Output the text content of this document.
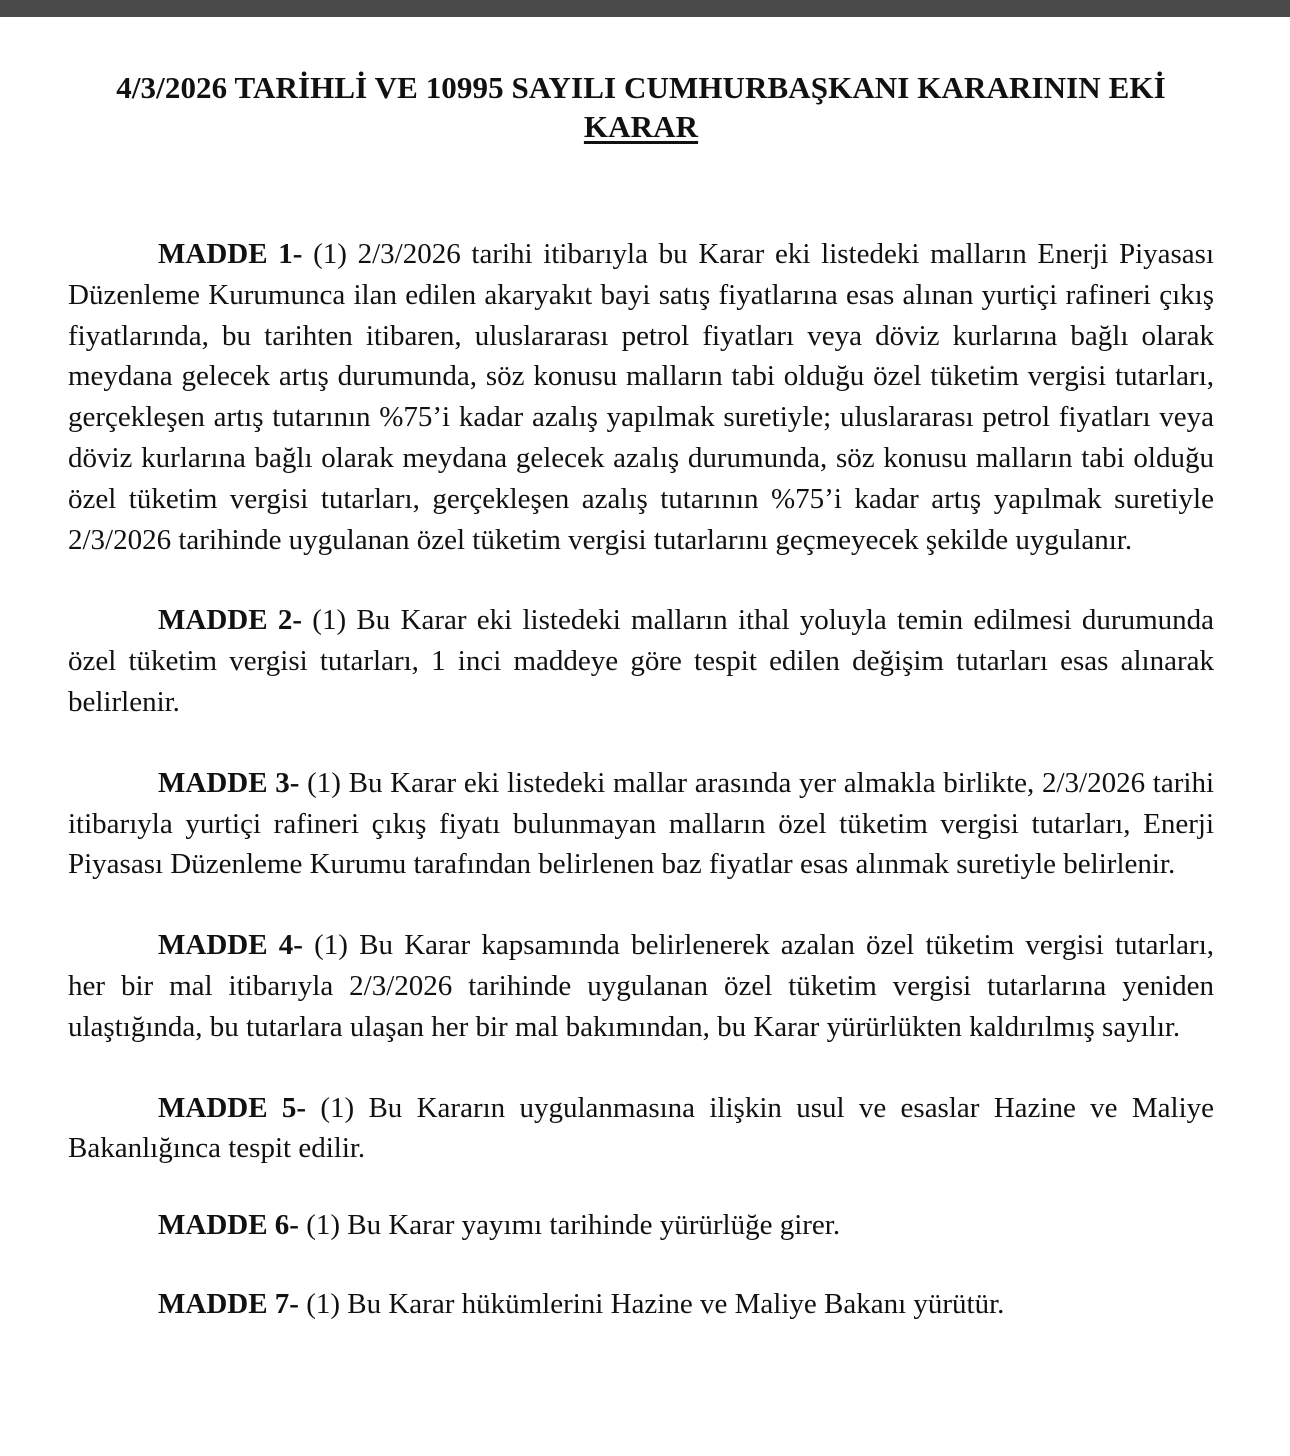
4/3/2026 TARİHLİ VE 10995 SAYILI CUMHURBAŞKANI KARARININ EKİ
KARAR

MADDE 1- (1) 2/3/2026 tarihi itibarıyla bu Karar eki listedeki malların Enerji Piyasası Düzenleme Kurumunca ilan edilen akaryakıt bayi satış fiyatlarına esas alınan yurtiçi rafineri çıkış fiyatlarında, bu tarihten itibaren, uluslararası petrol fiyatları veya döviz kurlarına bağlı olarak meydana gelecek artış durumunda, söz konusu malların tabi olduğu özel tüketim vergisi tutarları, gerçekleşen artış tutarının %75’i kadar azalış yapılmak suretiyle; uluslararası petrol fiyatları veya döviz kurlarına bağlı olarak meydana gelecek azalış durumunda, söz konusu malların tabi olduğu özel tüketim vergisi tutarları, gerçekleşen azalış tutarının %75’i kadar artış yapılmak suretiyle 2/3/2026 tarihinde uygulanan özel tüketim vergisi tutarlarını geçmeyecek şekilde uygulanır.

MADDE 2- (1) Bu Karar eki listedeki malların ithal yoluyla temin edilmesi durumunda özel tüketim vergisi tutarları, 1 inci maddeye göre tespit edilen değişim tutarları esas alınarak belirlenir.

MADDE 3- (1) Bu Karar eki listedeki mallar arasında yer almakla birlikte, 2/3/2026 tarihi itibarıyla yurtiçi rafineri çıkış fiyatı bulunmayan malların özel tüketim vergisi tutarları, Enerji Piyasası Düzenleme Kurumu tarafından belirlenen baz fiyatlar esas alınmak suretiyle belirlenir.

MADDE 4- (1) Bu Karar kapsamında belirlenerek azalan özel tüketim vergisi tutarları, her bir mal itibarıyla 2/3/2026 tarihinde uygulanan özel tüketim vergisi tutarlarına yeniden ulaştığında, bu tutarlara ulaşan her bir mal bakımından, bu Karar yürürlükten kaldırılmış sayılır.

MADDE 5- (1) Bu Kararın uygulanmasına ilişkin usul ve esaslar Hazine ve Maliye Bakanlığınca tespit edilir.

MADDE 6- (1) Bu Karar yayımı tarihinde yürürlüğe girer.

MADDE 7- (1) Bu Karar hükümlerini Hazine ve Maliye Bakanı yürütür.
